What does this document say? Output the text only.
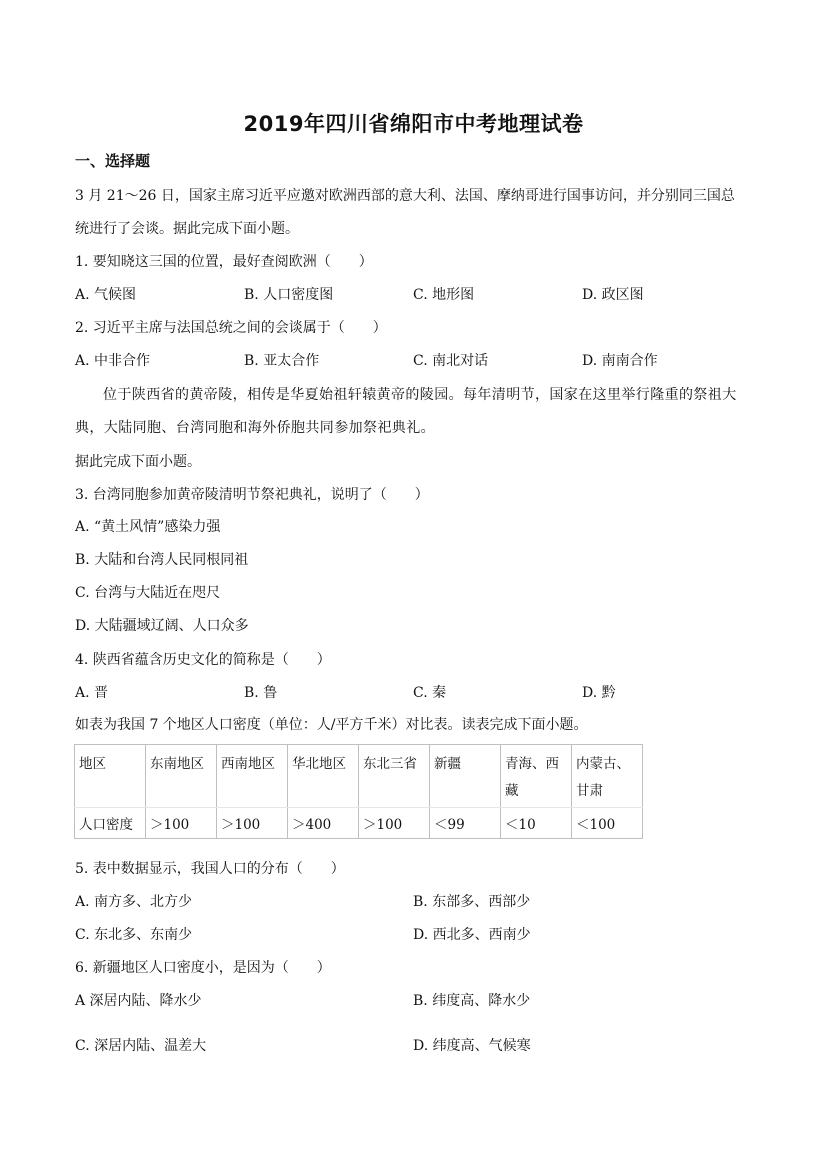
2019年四川省绵阳市中考地理试卷
一、选择题
3 月 21～26 日，国家主席习近平应邀对欧洲西部的意大利、法国、摩纳哥进行国事访问，并分别同三国总
统进行了会谈。据此完成下面小题。
1. 要知晓这三国的位置，最好查阅欧洲（　　）
A. 气候图	B. 人口密度图	C. 地形图	D. 政区图
2. 习近平主席与法国总统之间的会谈属于（　　）
A. 中非合作	B. 亚太合作	C. 南北对话	D. 南南合作
位于陕西省的黄帝陵，相传是华夏始祖轩辕黄帝的陵园。每年清明节，国家在这里举行隆重的祭祖大
典，大陆同胞、台湾同胞和海外侨胞共同参加祭祀典礼。
据此完成下面小题。
3. 台湾同胞参加黄帝陵清明节祭祀典礼，说明了（　　）
A. “黄土风情”感染力强
B. 大陆和台湾人民同根同祖
C. 台湾与大陆近在咫尺
D. 大陆疆域辽阔、人口众多
4. 陕西省蕴含历史文化的简称是（　　）
A. 晋	B. 鲁	C. 秦	D. 黔
如表为我国 7 个地区人口密度（单位：人/平方千米）对比表。读表完成下面小题。
地区	东南地区	西南地区	华北地区	东北三省	新疆	青海、西藏	内蒙古、甘肃
人口密度	＞100	＞100	＞400	＞100	＜99	＜10	＜100
5. 表中数据显示，我国人口的分布（　　）
A. 南方多、北方少	B. 东部多、西部少
C. 东北多、东南少	D. 西北多、西南少
6. 新疆地区人口密度小，是因为（　　）
A 深居内陆、降水少	B. 纬度高、降水少
C. 深居内陆、温差大	D. 纬度高、气候寒
